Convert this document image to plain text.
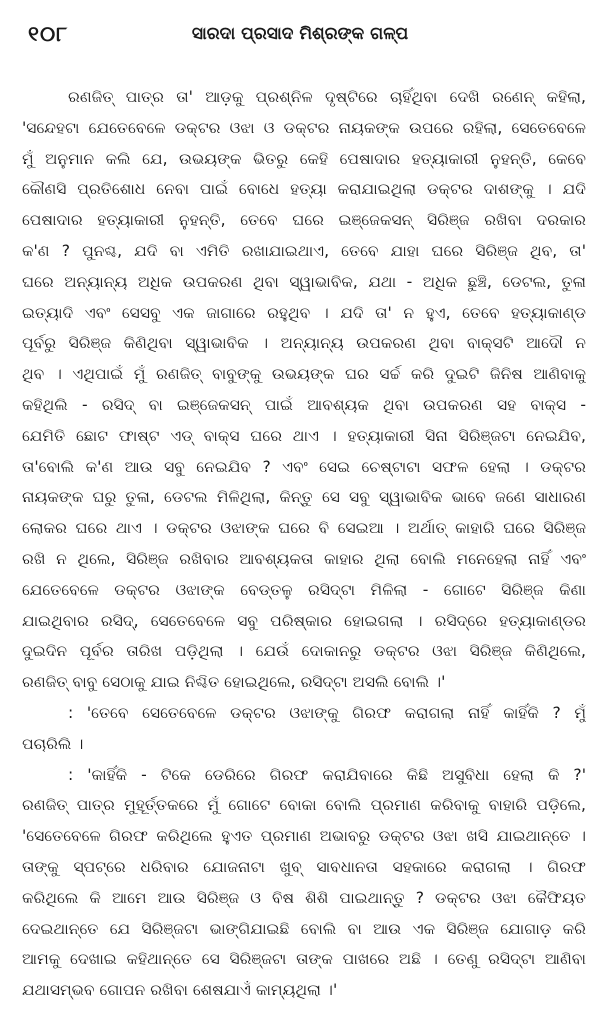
୧୦୮	ସାରଦା ପ୍ରସାଦ ମିଶ୍ରଙ୍କ ଗଳ୍ପ
ରଣଜିତ୍ ପାତ୍ର ତା' ଆଡ଼କୁ ପ୍ରଶ୍ନିଳ ଦୃଷ୍ଟିରେ ଚାହିଁଥିବା ଦେଖି ରଣେନ୍ କହିଲା,
'ସନ୍ଦେହଟା ଯେତେବେଳେ ଡକ୍ଟର ଓଝା ଓ ଡକ୍ଟର ନାୟକଙ୍କ ଉପରେ ରହିଲା, ସେତେବେଳେ
ମୁଁ ଅନୁମାନ କଲି ଯେ, ଉଭୟଙ୍କ ଭିତରୁ କେହି ପେଷାଦାର ହତ୍ୟାକାରୀ ନୁହନ୍ତି, କେବେ
କୌଣସି ପ୍ରତିଶୋଧ ନେବା ପାଇଁ ବୋଧେ ହତ୍ୟା କରାଯାଇଥିଲା ଡକ୍ଟର ଦାଶଙ୍କୁ । ଯଦି
ପେଷାଦାର ହତ୍ୟାକାରୀ ନୁହନ୍ତି, ତେବେ ଘରେ ଇଞ୍ଜେକସନ୍ ସିରିଞ୍ଜ ରଖିବା ଦରକାର
କ'ଣ ? ପୁନଶ୍ଚ, ଯଦି ବା ଏମିତି ରଖାଯାଇଥାଏ, ତେବେ ଯାହା ଘରେ ସିରିଞ୍ଜ ଥିବ, ତା'
ଘରେ ଅନ୍ୟାନ୍ୟ ଅଧିକ ଉପକରଣ ଥିବା ସ୍ୱାଭାବିକ, ଯଥା - ଅଧିକ ଛୁଞ୍ଚି, ଡେଟଲ, ତୁଳା
ଇତ୍ୟାଦି ଏବଂ ସେସବୁ ଏକ ଜାଗାରେ ରହୁଥିବ । ଯଦି ତା' ନ ହୁଏ, ତେବେ ହତ୍ୟାକାଣ୍ଡ
ପୂର୍ବରୁ ସିରିଞ୍ଜ କିଣିଥିବା ସ୍ୱାଭାବିକ । ଅନ୍ୟାନ୍ୟ ଉପକରଣ ଥିବା ବାକ୍ସଟି ଆଦୌ ନ
ଥିବ । ଏଥିପାଇଁ ମୁଁ ରଣଜିତ୍ ବାବୁଙ୍କୁ ଉଭୟଙ୍କ ଘର ସର୍ଚ୍ଚ କରି ଦୁଇଟି ଜିନିଷ ଆଣିବାକୁ
କହିଥିଲି - ରସିଦ୍ ବା ଇଞ୍ଜେକସନ୍ ପାଇଁ ଆବଶ୍ୟକ ଥିବା ଉପକରଣ ସହ ବାକ୍ସ -
ଯେମିତି ଛୋଟ ଫାଷ୍ଟ ଏଡ୍ ବାକ୍ସ ଘରେ ଥାଏ । ହତ୍ୟାକାରୀ ସିନା ସିରିଞ୍ଜଟା ନେଇଯିବ,
ତା'ବୋଲି କ'ଣ ଆଉ ସବୁ ନେଇଯିବ ? ଏବଂ ସେଇ ଚେଷ୍ଟାଟା ସଫଳ ହେଲା । ଡକ୍ଟର
ନାୟକଙ୍କ ଘରୁ ତୁଳା, ଡେଟଲ ମିଳିଥିଲା, କିନ୍ତୁ ସେ ସବୁ ସ୍ୱାଭାବିକ ଭାବେ ଜଣେ ସାଧାରଣ
ଲୋକର ଘରେ ଥାଏ । ଡକ୍ଟର ଓଝାଙ୍କ ଘରେ ବି ସେଇଆ । ଅର୍ଥାତ୍ କାହାରି ଘରେ ସିରିଞ୍ଜ
ରଖି ନ ଥିଲେ, ସିରିଞ୍ଜ ରଖିବାର ଆବଶ୍ୟକତା କାହାର ଥିଲା ବୋଲି ମନେହେଲା ନାହିଁ ଏବଂ
ଯେତେବେଳେ ଡକ୍ଟର ଓଝାଙ୍କ ବେଡ୍‌ତଳୁ ରସିଦ୍‌ଟା ମିଳିଲା - ଗୋଟେ ସିରିଞ୍ଜ କିଣା
ଯାଇଥିବାର ରସିଦ୍, ସେତେବେଳେ ସବୁ ପରିଷ୍କାର ହୋଇଗଲା । ରସିଦ୍‌ରେ ହତ୍ୟାକାଣ୍ଡର
ଦୁଇଦିନ ପୂର୍ବର ତାରିଖ ପଡ଼ିଥିଲା । ଯେଉଁ ଦୋକାନରୁ ଡକ୍ଟର ଓଝା ସିରିଞ୍ଜ କିଣିଥିଲେ,
ରଣଜିତ୍ ବାବୁ ସେଠାକୁ ଯାଇ ନିଶ୍ଚିତ ହୋଇଥିଲେ, ରସିଦ୍‌ଟା ଅସଲି ବୋଲି ।'
: 'ତେବେ ସେତେବେଳେ ଡକ୍ଟର ଓଝାଙ୍କୁ ଗିରଫ କରାଗଲା ନାହିଁ କାହିଁକି ? ମୁଁ
ପଚାରିଲି ।
: 'କାହିଁକି - ଟିକେ ଡେରିରେ ଗିରଫ କରାଯିବାରେ କିଛି ଅସୁବିଧା ହେଲା କି ?'
ରଣଜିତ୍ ପାତ୍ର ମୁହୂର୍ତ୍ତକରେ ମୁଁ ଗୋଟେ ବୋକା ବୋଲି ପ୍ରମାଣ କରିବାକୁ ବାହାରି ପଡ଼ିଲେ,
'ସେତେବେଳେ ଗିରଫ କରିଥିଲେ ହୁଏତ ପ୍ରମାଣ ଅଭାବରୁ ଡକ୍ଟର ଓଝା ଖସି ଯାଇଥାନ୍ତେ ।
ତାଙ୍କୁ ସ୍ପଟ୍‌ରେ ଧରିବାର ଯୋଜନାଟା ଖୁବ୍ ସାବଧାନତା ସହକାରେ କରାଗଲା । ଗିରଫ
କରିଥିଲେ କି ଆମେ ଆଉ ସିରିଞ୍ଜ ଓ ବିଷ ଶିଶି ପାଇଥାନ୍ତୁ ? ଡକ୍ଟର ଓଝା କୈଫିୟତ
ଦେଇଥାନ୍ତେ ଯେ ସିରିଞ୍ଜଟା ଭାଙ୍ଗିଯାଇଛି ବୋଲି ବା ଆଉ ଏକ ସିରିଞ୍ଜ ଯୋଗାଡ଼ କରି
ଆମକୁ ଦେଖାଇ କହିଥାନ୍ତେ ସେ ସିରିଞ୍ଜଟା ତାଙ୍କ ପାଖରେ ଅଛି । ତେଣୁ ରସିଦ୍‌ଟା ଆଣିବା
ଯଥାସମ୍ଭବ ଗୋପନ ରଖିବା ଶେଷଯାଏଁ କାମ୍ୟଥିଲା ।'
